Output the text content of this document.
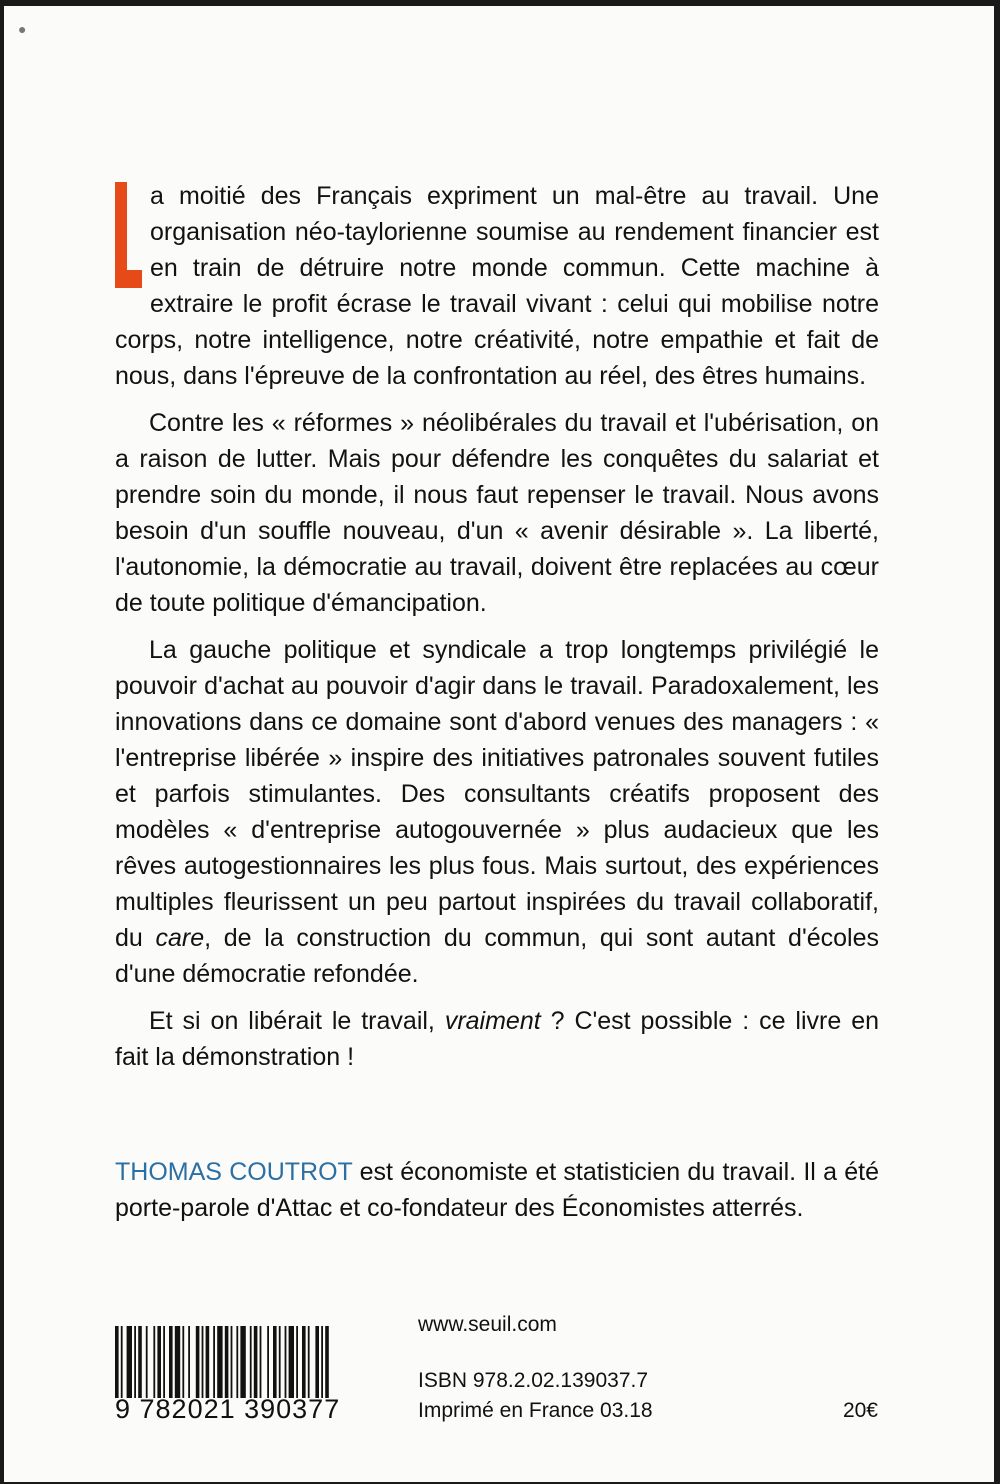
●

a moitié des Français expriment un mal-être au travail. Une organisation néo-taylorienne soumise au rendement financier est en train de détruire notre monde commun. Cette machine à extraire le profit écrase le travail vivant : celui qui mobilise notre corps, notre intelligence, notre créativité, notre empathie et fait de nous, dans l'épreuve de la confrontation au réel, des êtres humains.

Contre les « réformes » néolibérales du travail et l'ubérisation, on a raison de lutter. Mais pour défendre les conquêtes du salariat et prendre soin du monde, il nous faut repenser le travail. Nous avons besoin d'un souffle nouveau, d'un « avenir désirable ». La liberté, l'autonomie, la démocratie au travail, doivent être replacées au cœur de toute politique d'émancipation.

La gauche politique et syndicale a trop longtemps privilégié le pouvoir d'achat au pouvoir d'agir dans le travail. Paradoxalement, les innovations dans ce domaine sont d'abord venues des managers : « l'entreprise libérée » inspire des initiatives patronales souvent futiles et parfois stimulantes. Des consultants créatifs proposent des modèles « d'entreprise autogouvernée » plus audacieux que les rêves autogestionnaires les plus fous. Mais surtout, des expériences multiples fleurissent un peu partout inspirées du travail collaboratif, du care, de la construction du commun, qui sont autant d'écoles d'une démocratie refondée.

Et si on libérait le travail, vraiment ? C'est possible : ce livre en fait la démonstration !

THOMAS COUTROT est économiste et statisticien du travail. Il a été porte-parole d'Attac et co-fondateur des Économistes atterrés.
9 782021 390377
www.seuil.com
ISBN 978.2.02.139037.7
Imprimé en France 03.18	20€
